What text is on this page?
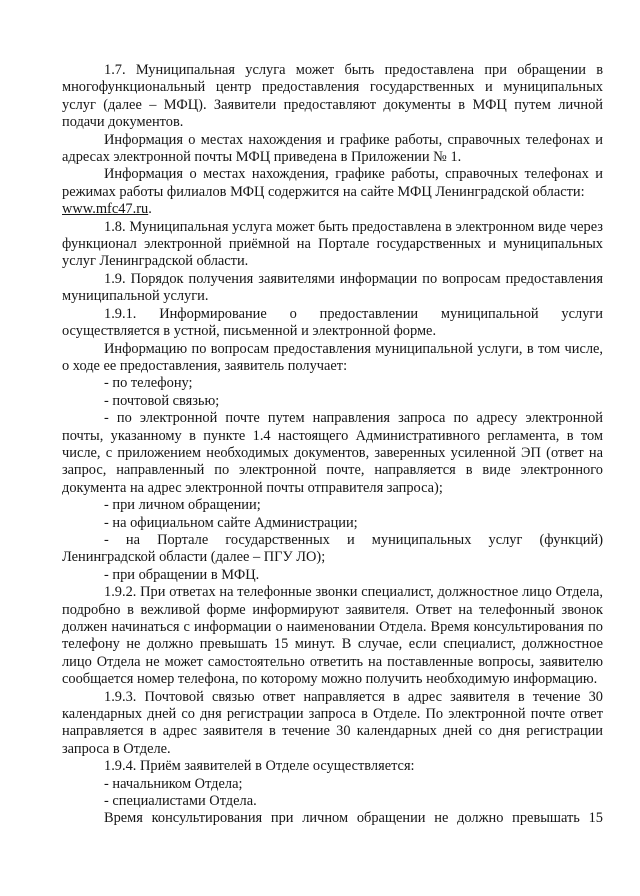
1.7. Муниципальная услуга может быть предоставлена при обращении в многофункциональный центр предоставления государственных и муниципальных услуг (далее – МФЦ). Заявители предоставляют документы в МФЦ путем личной подачи документов.

Информация о местах нахождения и графике работы, справочных телефонах и адресах электронной почты МФЦ приведена в Приложении № 1.

Информация о местах нахождения, графике работы, справочных телефонах и режимах работы филиалов МФЦ содержится на сайте МФЦ Ленинградской области:

www.mfc47.ru.

1.8. Муниципальная услуга может быть предоставлена в электронном виде через функционал электронной приёмной на Портале государственных и муниципальных услуг Ленинградской области.

1.9. Порядок получения заявителями информации по вопросам предоставления муниципальной услуги.

1.9.1. Информирование о предоставлении муниципальной услуги осуществляется в устной, письменной и электронной форме.

Информацию по вопросам предоставления муниципальной услуги, в том числе, о ходе ее предоставления, заявитель получает:

- по телефону;

- почтовой связью;

- по электронной почте путем направления запроса по адресу электронной почты, указанному в пункте 1.4 настоящего Административного регламента, в том числе, с приложением необходимых документов, заверенных усиленной ЭП (ответ на запрос, направленный по электронной почте, направляется в виде электронного документа на адрес электронной почты отправителя запроса);

- при личном обращении;

- на официальном сайте Администрации;

- на Портале государственных и муниципальных услуг (функций) Ленинградской области (далее – ПГУ ЛО);

- при обращении в МФЦ.

1.9.2. При ответах на телефонные звонки специалист, должностное лицо Отдела, подробно в вежливой форме информируют заявителя. Ответ на телефонный звонок должен начинаться с информации о наименовании Отдела. Время консультирования по телефону не должно превышать 15 минут. В случае, если специалист, должностное лицо Отдела не может самостоятельно ответить на поставленные вопросы, заявителю сообщается номер телефона, по которому можно получить необходимую информацию.

1.9.3. Почтовой связью ответ направляется в адрес заявителя в течение 30 календарных дней со дня регистрации запроса в Отделе. По электронной почте ответ направляется в адрес заявителя в течение 30 календарных дней со дня регистрации запроса в Отделе.

1.9.4. Приём заявителей в Отделе осуществляется:

- начальником Отдела;

- специалистами Отдела.

Время консультирования при личном обращении не должно превышать 15
